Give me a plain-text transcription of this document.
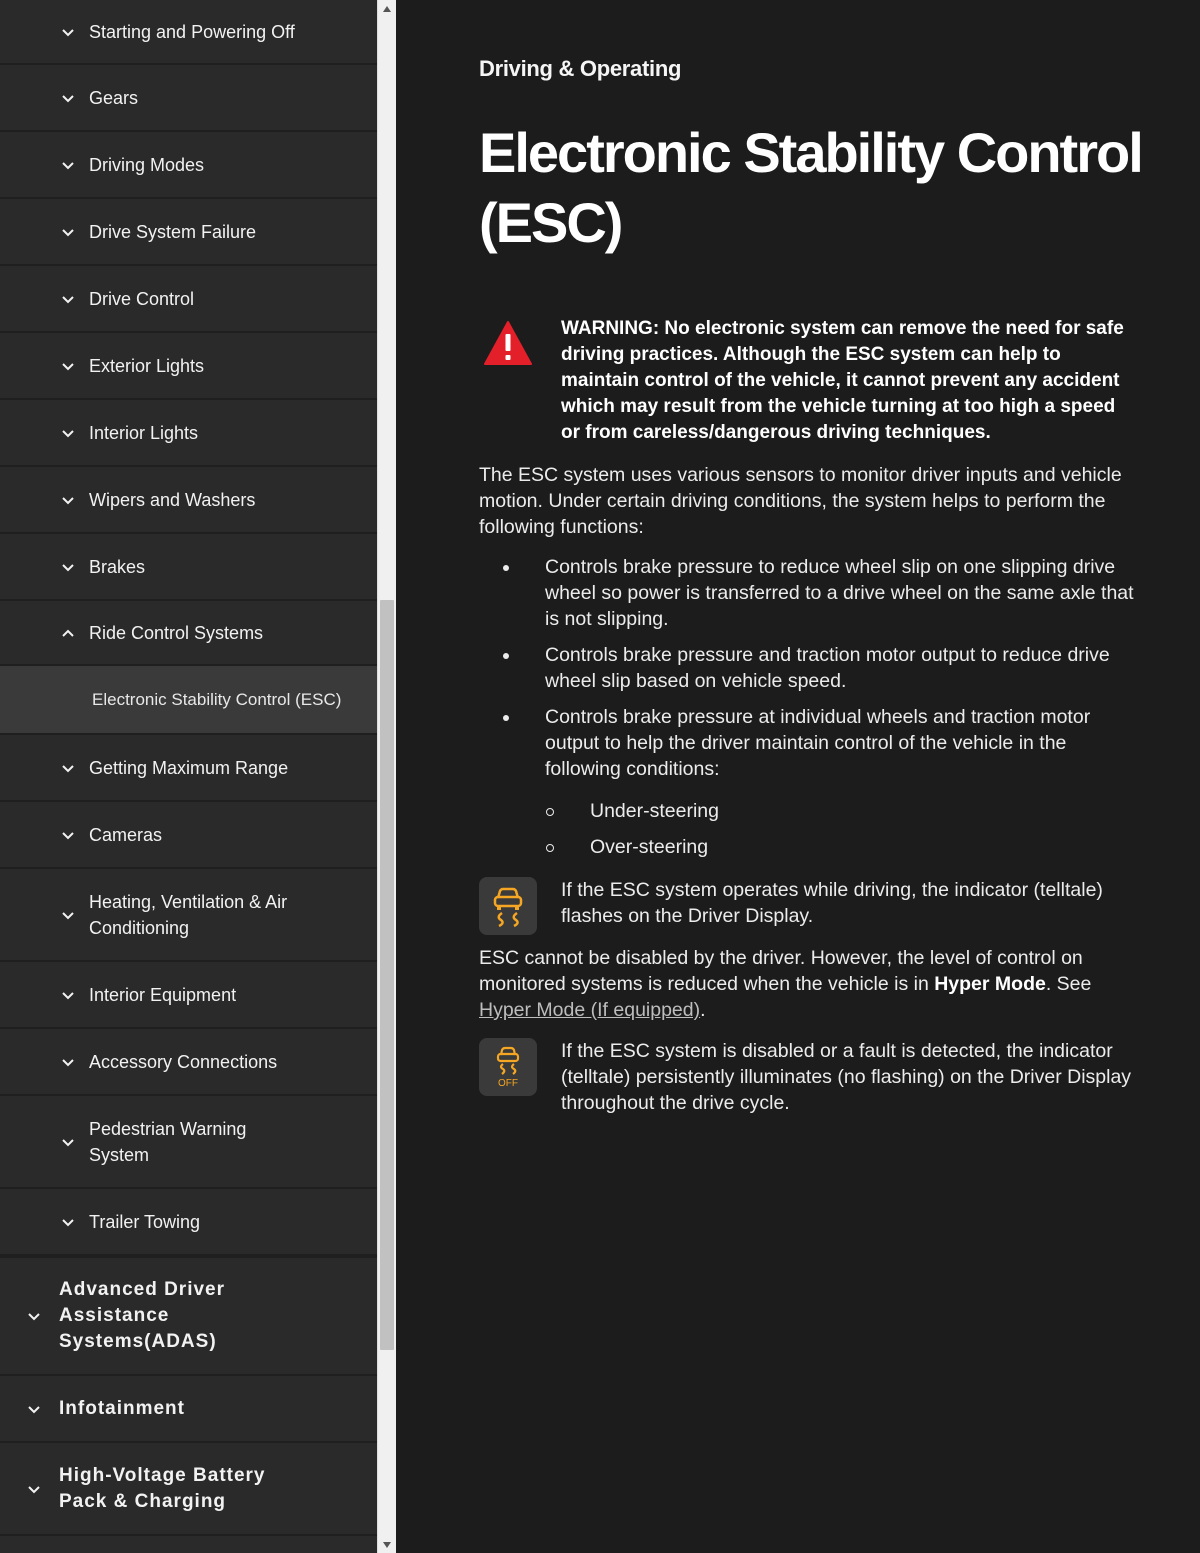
Starting and Powering Off
Gears
Driving Modes
Drive System Failure
Drive Control
Exterior Lights
Interior Lights
Wipers and Washers
Brakes
Ride Control Systems
Electronic Stability Control (ESC)
Getting Maximum Range
Cameras
Heating, Ventilation & Air Conditioning
Interior Equipment
Accessory Connections
Pedestrian Warning System
Trailer Towing
Advanced Driver Assistance Systems(ADAS)
Infotainment
High-Voltage Battery Pack & Charging
Driving & Operating
Electronic Stability Control (ESC)
WARNING: No electronic system can remove the need for safe driving practices. Although the ESC system can help to maintain control of the vehicle, it cannot prevent any accident which may result from the vehicle turning at too high a speed or from careless/dangerous driving techniques.

The ESC system uses various sensors to monitor driver inputs and vehicle motion. Under certain driving conditions, the system helps to perform the following functions:

Controls brake pressure to reduce wheel slip on one slipping drive wheel so power is transferred to a drive wheel on the same axle that is not slipping.
Controls brake pressure and traction motor output to reduce drive wheel slip based on vehicle speed.
Controls brake pressure at individual wheels and traction motor output to help the driver maintain control of the vehicle in the following conditions:
Under-steering
Over-steering
If the ESC system operates while driving, the indicator (telltale) flashes on the Driver Display.

ESC cannot be disabled by the driver. However, the level of control on monitored systems is reduced when the vehicle is in Hyper Mode. See Hyper Mode (If equipped).

OFF
If the ESC system is disabled or a fault is detected, the indicator (telltale) persistently illuminates (no flashing) on the Driver Display throughout the drive cycle.
